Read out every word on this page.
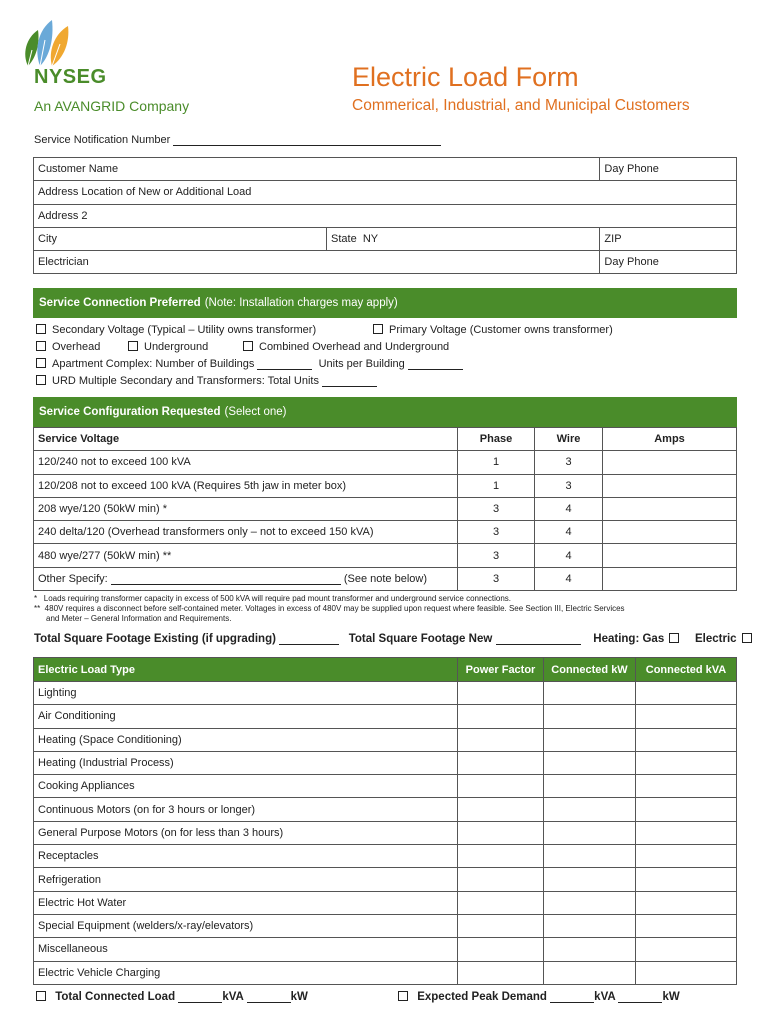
NYSEG
An AVANGRID Company
Electric Load Form
Commerical, Industrial, and Municipal Customers
Service Notification Number
Customer Name		Day Phone
Address Location of New or Additional Load		
Address 2		
City	State NY	ZIP
Electrician		Day Phone
Service Connection Preferred (Note: Installation charges may apply)
Secondary Voltage (Typical – Utility owns transformer)	Primary Voltage (Customer owns transformer)
Overhead	Underground	Combined Overhead and Underground
Apartment Complex: Number of Buildings	Units per Building
URD Multiple Secondary and Transformers: Total Units
Service Configuration Requested (Select one)
Service Voltage	Phase	Wire	Amps
120/240 not to exceed 100 kVA	1	3	
120/208 not to exceed 100 kVA (Requires 5th jaw in meter box)	1	3	
208 wye/120 (50kW min) *	3	4	
240 delta/120 (Overhead transformers only – not to exceed 150 kVA)	3	4	
480 wye/277 (50kW min) **	3	4	
Other Specify: (See note below)	3	4	
*   Loads requiring transformer capacity in excess of 500 kVA will require pad mount transformer and underground service connections.
**  480V requires a disconnect before self-contained meter. Voltages in excess of 480V may be supplied upon request where feasible. See Section III, Electric Services
and Meter – General Information and Requirements.
Total Square Footage Existing (if upgrading)	Total Square Footage New	Heating: Gas	Electric
Electric Load Type	Power Factor	Connected kW	Connected kVA
Lighting			
Air Conditioning			
Heating (Space Conditioning)			
Heating (Industrial Process)			
Cooking Appliances			
Continuous Motors (on for 3 hours or longer)			
General Purpose Motors (on for less than 3 hours)			
Receptacles			
Refrigeration			
Electric Hot Water			
Special Equipment (welders/x-ray/elevators)			
Miscellaneous			
Electric Vehicle Charging			
Total Connected Load	kVA	kW	Expected Peak Demand	kVA	kW
